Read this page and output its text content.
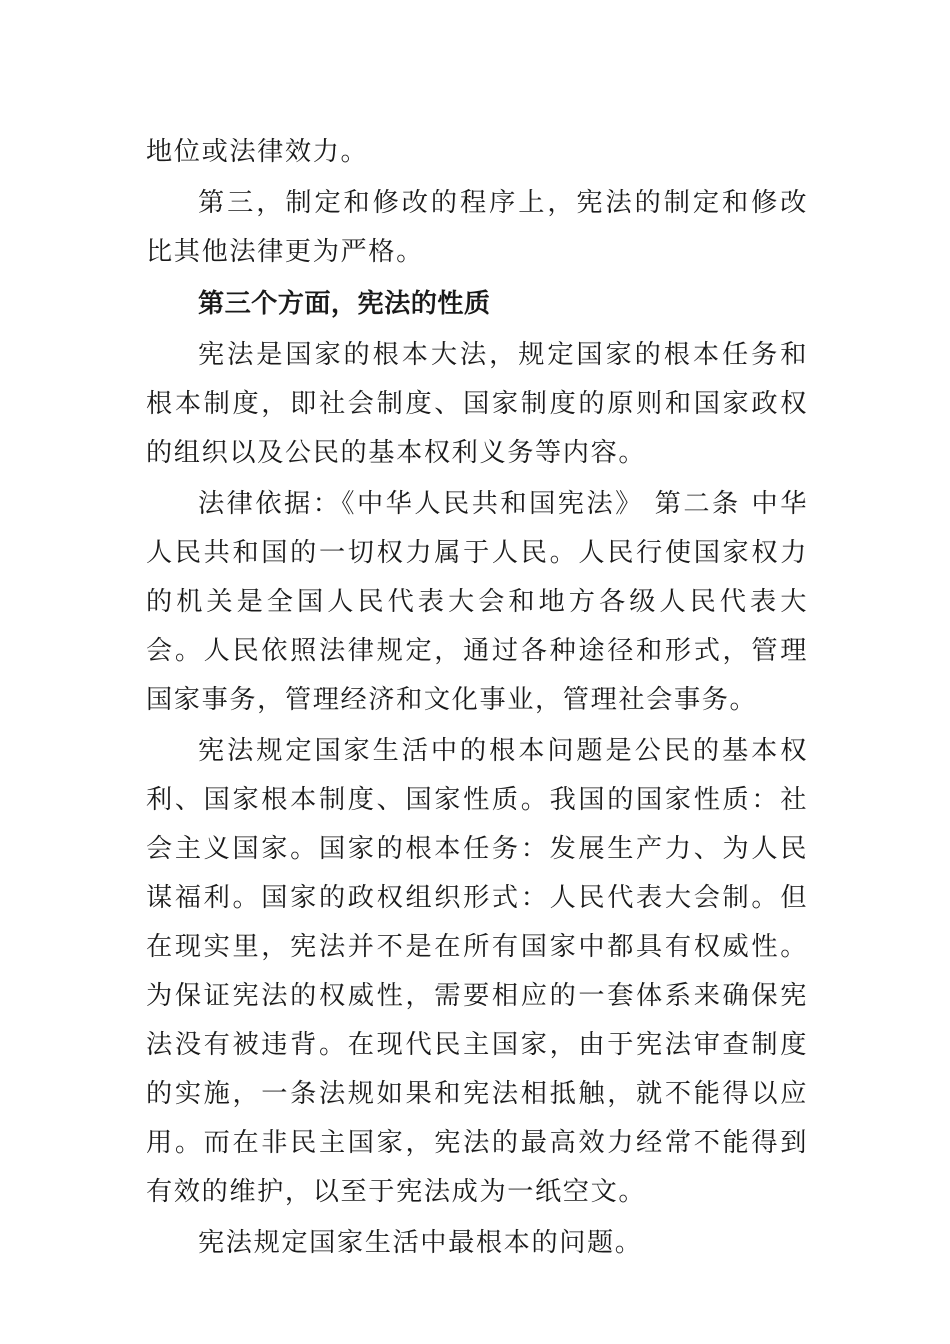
地位或法律效力。

第三，制定和修改的程序上，宪法的制定和修改比其他法律更为严格。

第三个方面，宪法的性质

宪法是国家的根本大法，规定国家的根本任务和根本制度，即社会制度、国家制度的原则和国家政权的组织以及公民的基本权利义务等内容。

法律依据：《中华人民共和国宪法》 第二条 中华人民共和国的一切权力属于人民。人民行使国家权力的机关是全国人民代表大会和地方各级人民代表大会。人民依照法律规定，通过各种途径和形式，管理国家事务，管理经济和文化事业，管理社会事务。

宪法规定国家生活中的根本问题是公民的基本权利、国家根本制度、国家性质。我国的国家性质：社会主义国家。国家的根本任务：发展生产力、为人民谋福利。国家的政权组织形式：人民代表大会制。但在现实里，宪法并不是在所有国家中都具有权威性。为保证宪法的权威性，需要相应的一套体系来确保宪法没有被违背。在现代民主国家，由于宪法审查制度的实施，一条法规如果和宪法相抵触，就不能得以应用。而在非民主国家，宪法的最高效力经常不能得到有效的维护，以至于宪法成为一纸空文。

宪法规定国家生活中最根本的问题。
